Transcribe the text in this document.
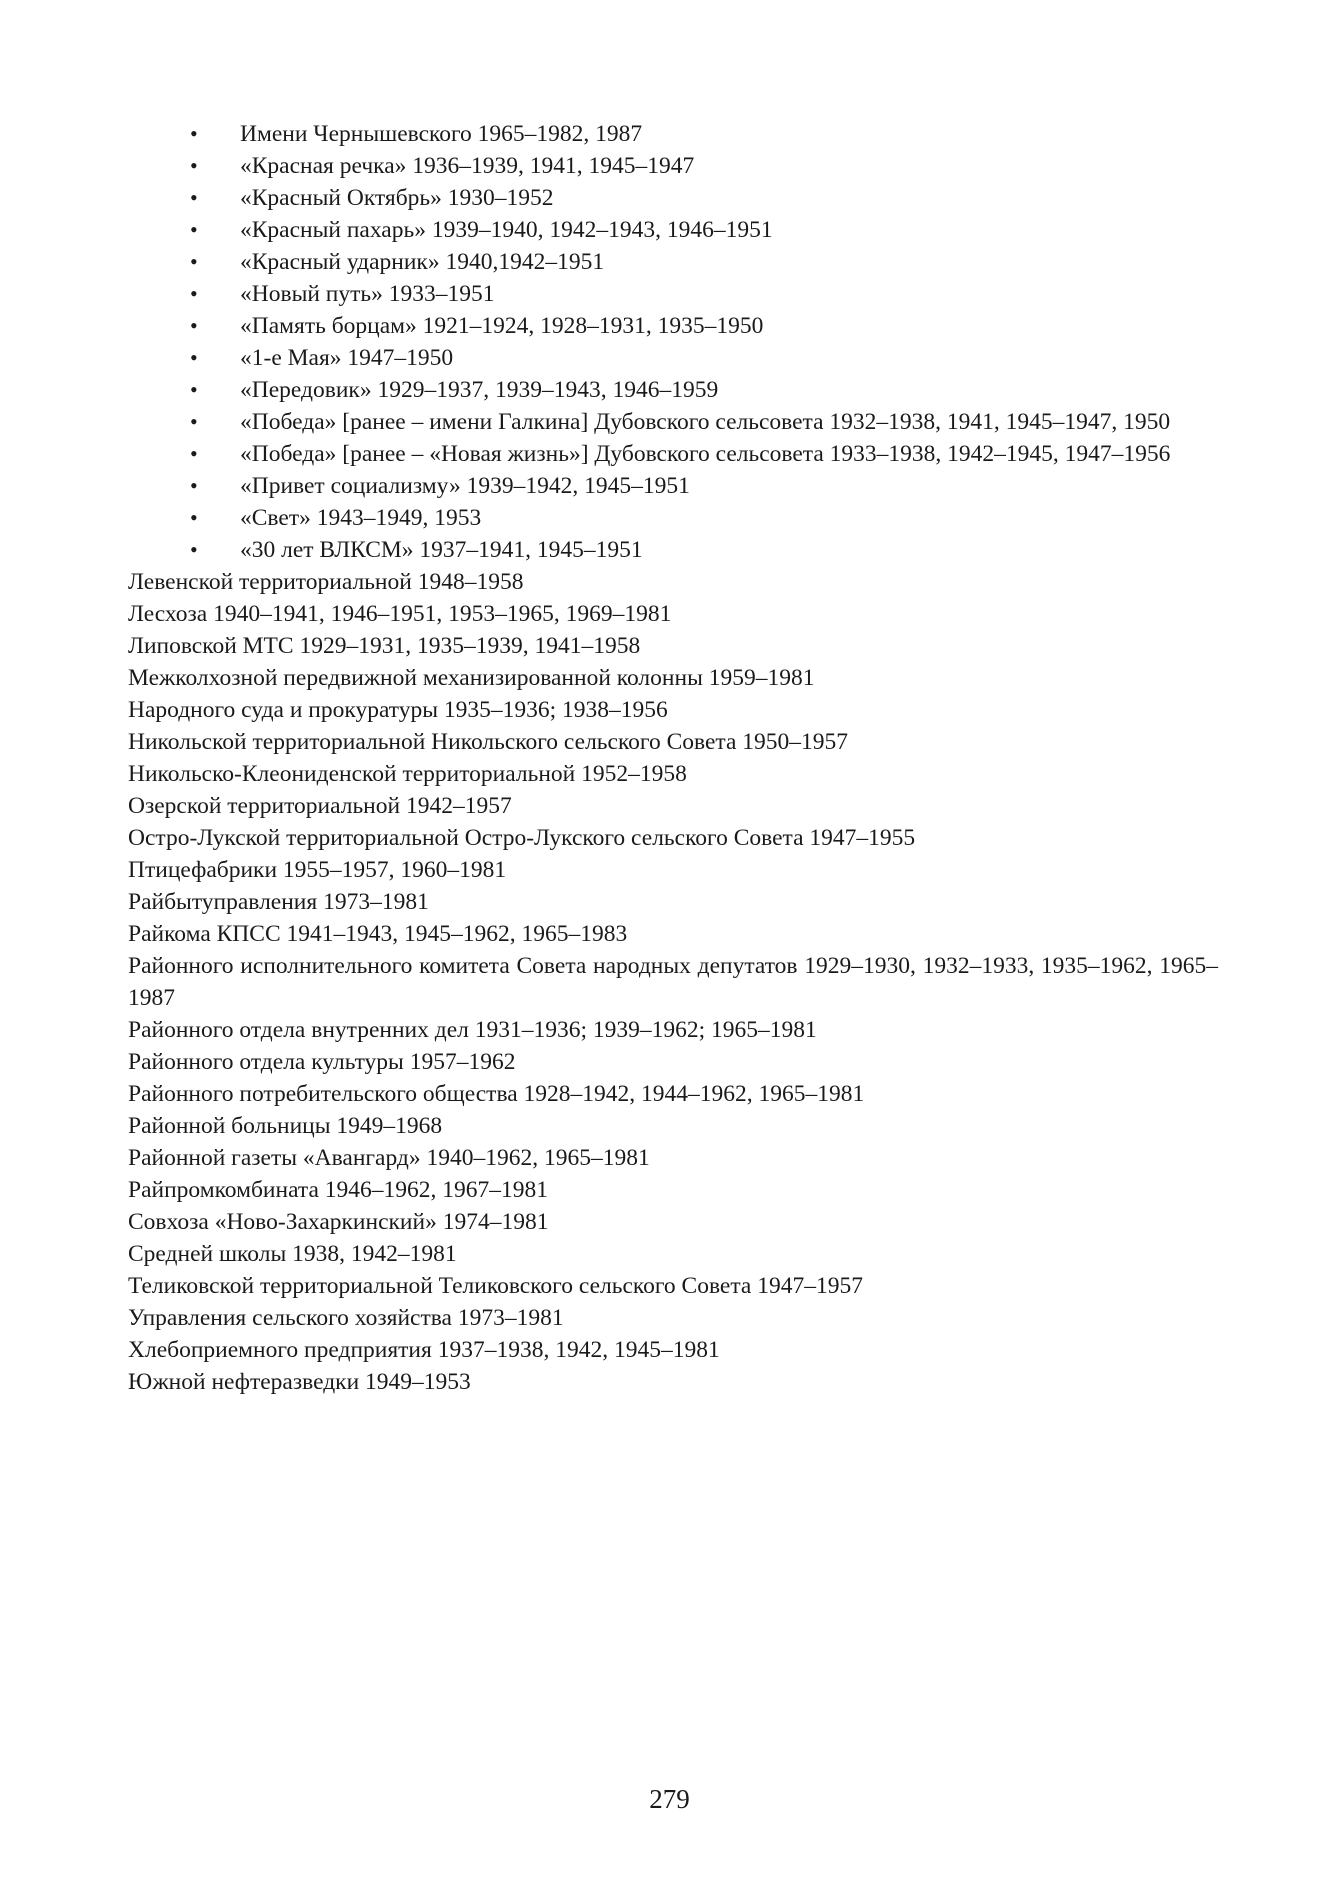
• Имени Чернышевского 1965–1982, 1987
• «Красная речка» 1936–1939, 1941, 1945–1947
• «Красный Октябрь» 1930–1952
• «Красный пахарь» 1939–1940, 1942–1943, 1946–1951
• «Красный ударник» 1940,1942–1951
• «Новый путь» 1933–1951
• «Память борцам» 1921–1924, 1928–1931, 1935–1950
• «1-е Мая» 1947–1950
• «Передовик» 1929–1937, 1939–1943, 1946–1959
• «Победа» [ранее – имени Галкина] Дубовского сельсовета 1932–1938, 1941, 1945–1947, 1950
• «Победа» [ранее – «Новая жизнь»] Дубовского сельсовета 1933–1938, 1942–1945, 1947–1956
• «Привет социализму» 1939–1942, 1945–1951
• «Свет» 1943–1949, 1953
• «30 лет ВЛКСМ» 1937–1941, 1945–1951
Левенской территориальной 1948–1958
Лесхоза 1940–1941, 1946–1951, 1953–1965, 1969–1981
Липовской МТС 1929–1931, 1935–1939, 1941–1958
Межколхозной передвижной механизированной колонны 1959–1981
Народного суда и прокуратуры 1935–1936; 1938–1956
Никольской территориальной Никольского сельского Совета 1950–1957
Никольско-Клеониденской территориальной 1952–1958
Озерской территориальной 1942–1957
Остро-Лукской территориальной Остро-Лукского сельского Совета 1947–1955
Птицефабрики 1955–1957, 1960–1981
Райбытуправления 1973–1981
Райкома КПСС 1941–1943, 1945–1962, 1965–1983
Районного исполнительного комитета Совета народных депутатов 1929–1930, 1932–1933, 1935–1962, 1965–1987
Районного отдела внутренних дел 1931–1936; 1939–1962; 1965–1981
Районного отдела культуры 1957–1962
Районного потребительского общества 1928–1942, 1944–1962, 1965–1981
Районной больницы 1949–1968
Районной газеты «Авангард» 1940–1962, 1965–1981
Райпромкомбината 1946–1962, 1967–1981
Совхоза «Ново-Захаркинский» 1974–1981
Средней школы 1938, 1942–1981
Теликовской территориальной Теликовского сельского Совета 1947–1957
Управления сельского хозяйства 1973–1981
Хлебоприемного предприятия 1937–1938, 1942, 1945–1981
Южной нефтеразведки 1949–1953
279
